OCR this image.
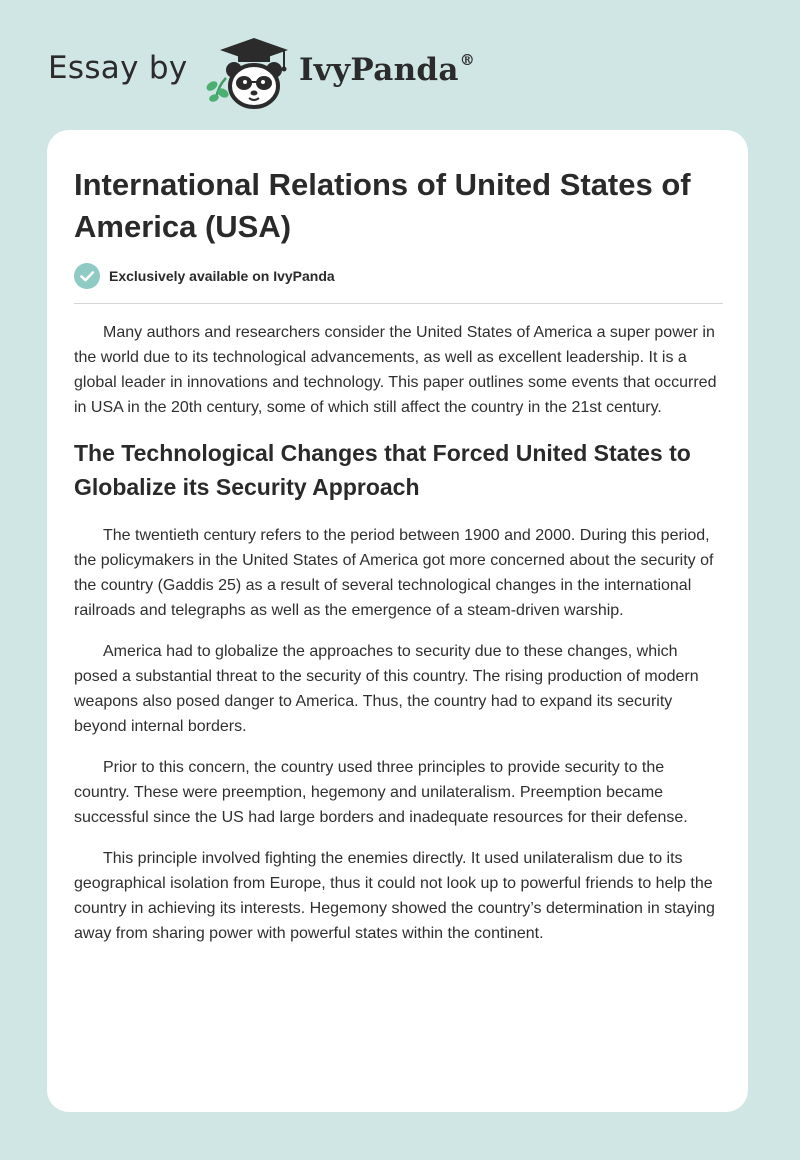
Essay by	IvyPanda®
International Relations of United States of America (USA)
Exclusively available on IvyPanda

Many authors and researchers consider the United States of America a super power in the world due to its technological advancements, as well as excellent leadership. It is a global leader in innovations and technology. This paper outlines some events that occurred in USA in the 20th century, some of which still affect the country in the 21st century.

The Technological Changes that Forced United States to Globalize its Security Approach

The twentieth century refers to the period between 1900 and 2000. During this period, the policymakers in the United States of America got more concerned about the security of the country (Gaddis 25) as a result of several technological changes in the international railroads and telegraphs as well as the emergence of a steam-driven warship.

America had to globalize the approaches to security due to these changes, which posed a substantial threat to the security of this country. The rising production of modern weapons also posed danger to America. Thus, the country had to expand its security beyond internal borders.

Prior to this concern, the country used three principles to provide security to the country. These were preemption, hegemony and unilateralism. Preemption became successful since the US had large borders and inadequate resources for their defense.

This principle involved fighting the enemies directly. It used unilateralism due to its geographical isolation from Europe, thus it could not look up to powerful friends to help the country in achieving its interests. Hegemony showed the country’s determination in staying away from sharing power with powerful states within the continent.
